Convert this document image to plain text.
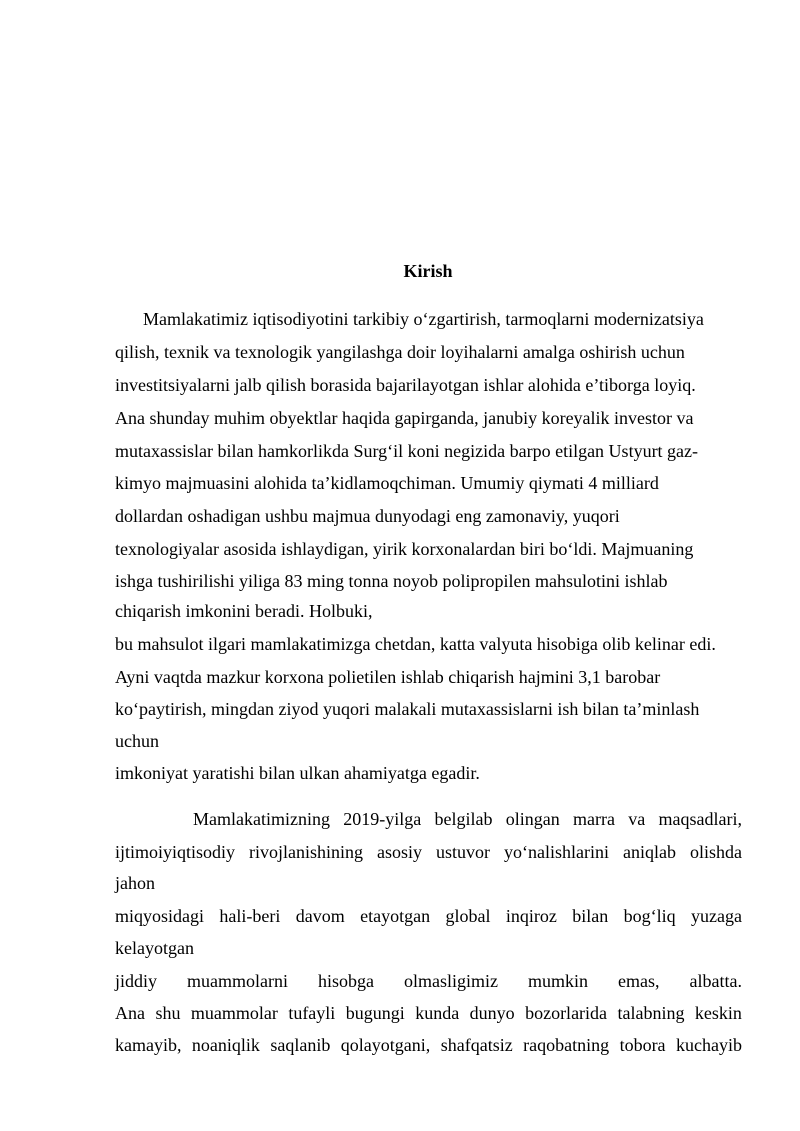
Kirish

Mamlakatimiz iqtisodiyotini tarkibiy o‘zgartirish, tarmoqlarni modernizatsiya

qilish, texnik va texnologik yangilashga doir loyihalarni amalga oshirish uchun

investitsiyalarni jalb qilish borasida bajarilayotgan ishlar alohida e’tiborga loyiq.

Ana shunday muhim obyektlar haqida gapirganda, janubiy koreyalik investor va

mutaxassislar bilan hamkorlikda Surg‘il koni negizida barpo etilgan Ustyurt gaz-

kimyo majmuasini alohida ta’kidlamoqchiman. Umumiy qiymati 4 milliard

dollardan oshadigan ushbu majmua dunyodagi eng zamonaviy, yuqori

texnologiyalar asosida ishlaydigan, yirik korxonalardan biri bo‘ldi. Majmuaning

ishga tushirilishi yiliga 83 ming tonna noyob polipropilen mahsulotini ishlab

chiqarish imkonini beradi. Holbuki,

bu mahsulot ilgari mamlakatimizga chetdan, katta valyuta hisobiga olib kelinar edi.

Ayni vaqtda mazkur korxona polietilen ishlab chiqarish hajmini 3,1 barobar

ko‘paytirish, mingdan ziyod yuqori malakali mutaxassislarni ish bilan ta’minlash

uchun

imkoniyat yaratishi bilan ulkan ahamiyatga egadir.

Mamlakatimizning 2019-yilga belgilab olingan marra va maqsadlari,

ijtimoiyiqtisodiy rivojlanishining asosiy ustuvor yo‘nalishlarini aniqlab olishda

jahon

miqyosidagi hali-beri davom etayotgan global inqiroz bilan bog‘liq yuzaga

kelayotgan

jiddiy muammolarni hisobga olmasligimiz mumkin emas, albatta.

Ana shu muammolar tufayli bugungi kunda dunyo bozorlarida talabning keskin

kamayib, noaniqlik saqlanib qolayotgani, shafqatsiz raqobatning tobora kuchayib
